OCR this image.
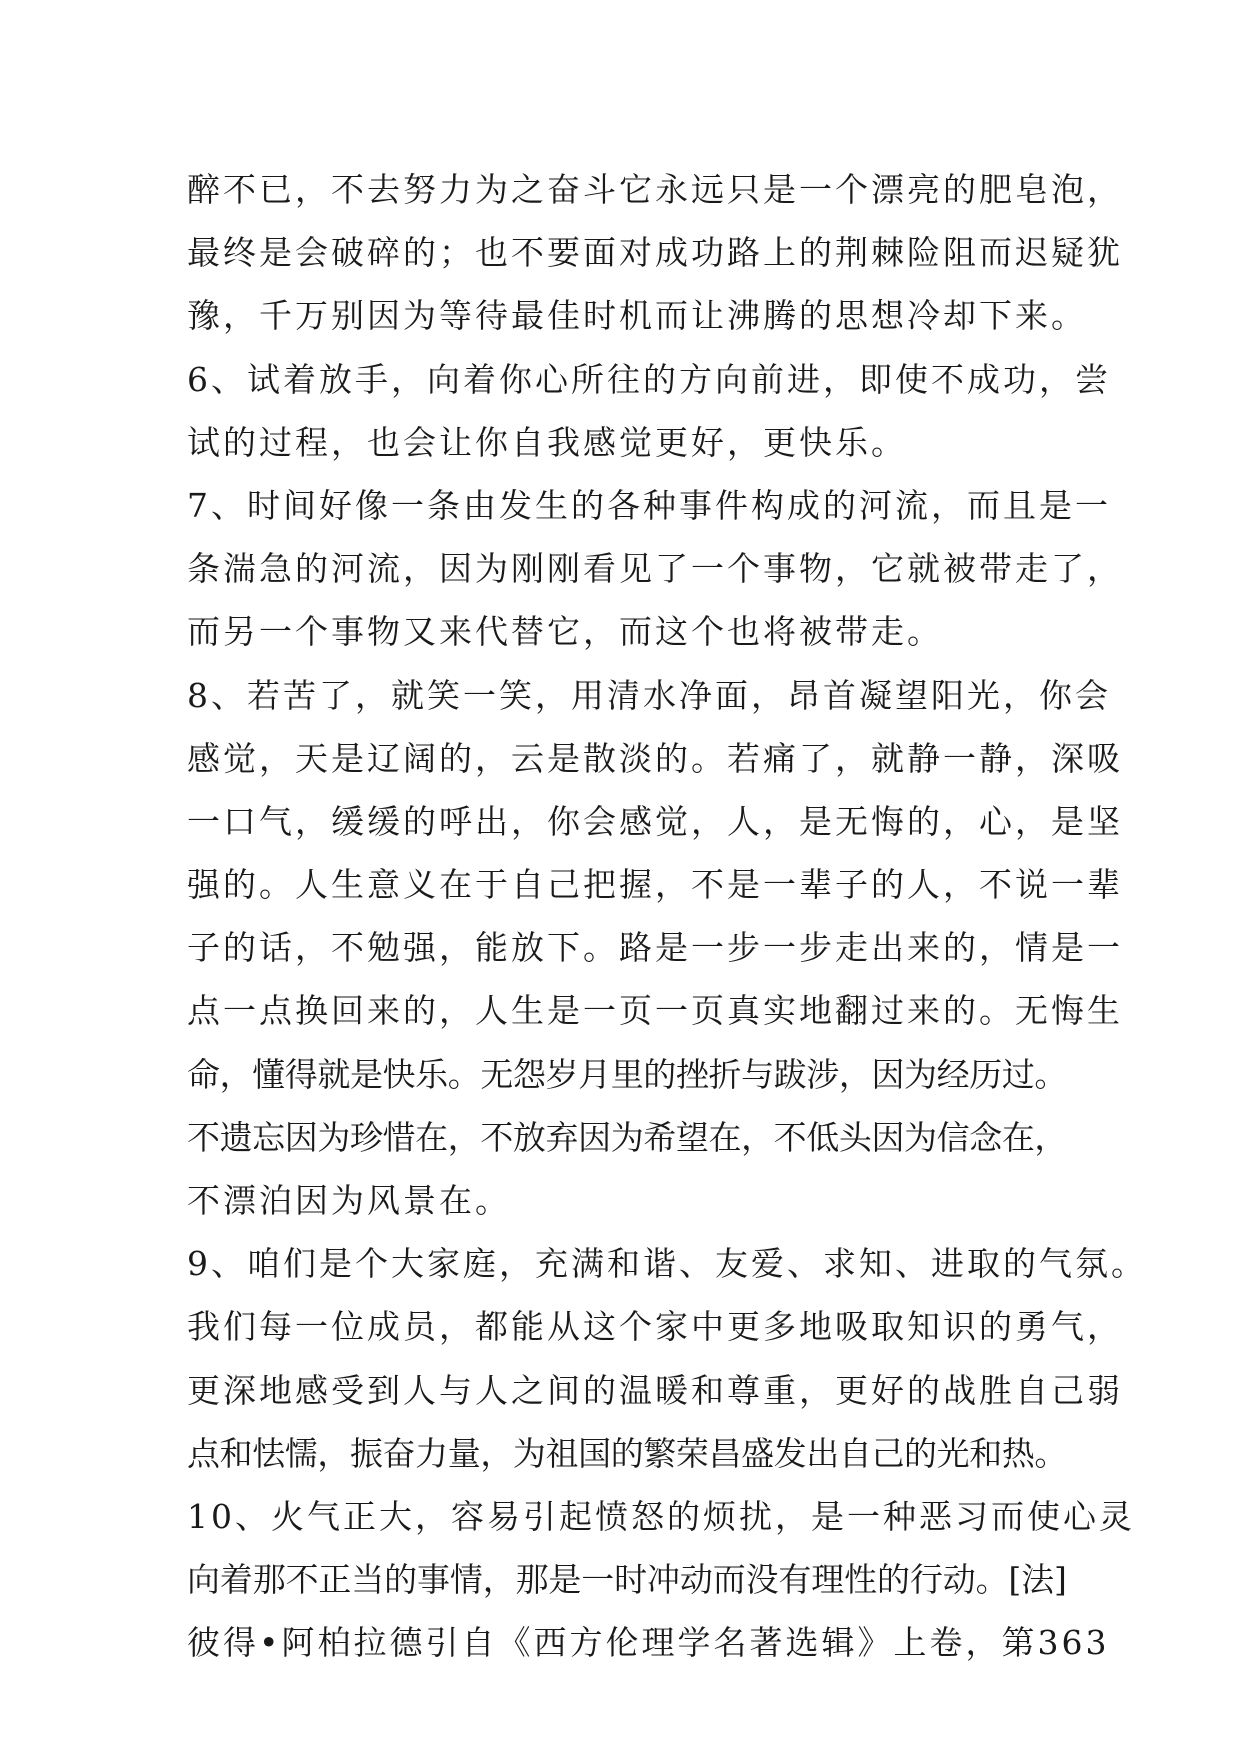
醉不已，不去努力为之奋斗它永远只是一个漂亮的肥皂泡，
最终是会破碎的；也不要面对成功路上的荆棘险阻而迟疑犹
豫，千万别因为等待最佳时机而让沸腾的思想冷却下来。
6、试着放手，向着你心所往的方向前进，即使不成功，尝
试的过程，也会让你自我感觉更好，更快乐。
7、时间好像一条由发生的各种事件构成的河流，而且是一
条湍急的河流，因为刚刚看见了一个事物，它就被带走了，
而另一个事物又来代替它，而这个也将被带走。
8、若苦了，就笑一笑，用清水净面，昂首凝望阳光，你会
感觉，天是辽阔的，云是散淡的。若痛了，就静一静，深吸
一口气，缓缓的呼出，你会感觉，人，是无悔的，心，是坚
强的。人生意义在于自己把握，不是一辈子的人，不说一辈
子的话，不勉强，能放下。路是一步一步走出来的，情是一
点一点换回来的，人生是一页一页真实地翻过来的。无悔生
命，懂得就是快乐。无怨岁月里的挫折与跋涉，因为经历过。
不遗忘因为珍惜在，不放弃因为希望在，不低头因为信念在，
不漂泊因为风景在。
9、咱们是个大家庭，充满和谐、友爱、求知、进取的气氛。
我们每一位成员，都能从这个家中更多地吸取知识的勇气，
更深地感受到人与人之间的温暖和尊重，更好的战胜自己弱
点和怯懦，振奋力量，为祖国的繁荣昌盛发出自己的光和热。
10、火气正大，容易引起愤怒的烦扰，是一种恶习而使心灵
向着那不正当的事情，那是一时冲动而没有理性的行动。[法]
彼得•阿柏拉德引自《西方伦理学名著选辑》上卷，第363
